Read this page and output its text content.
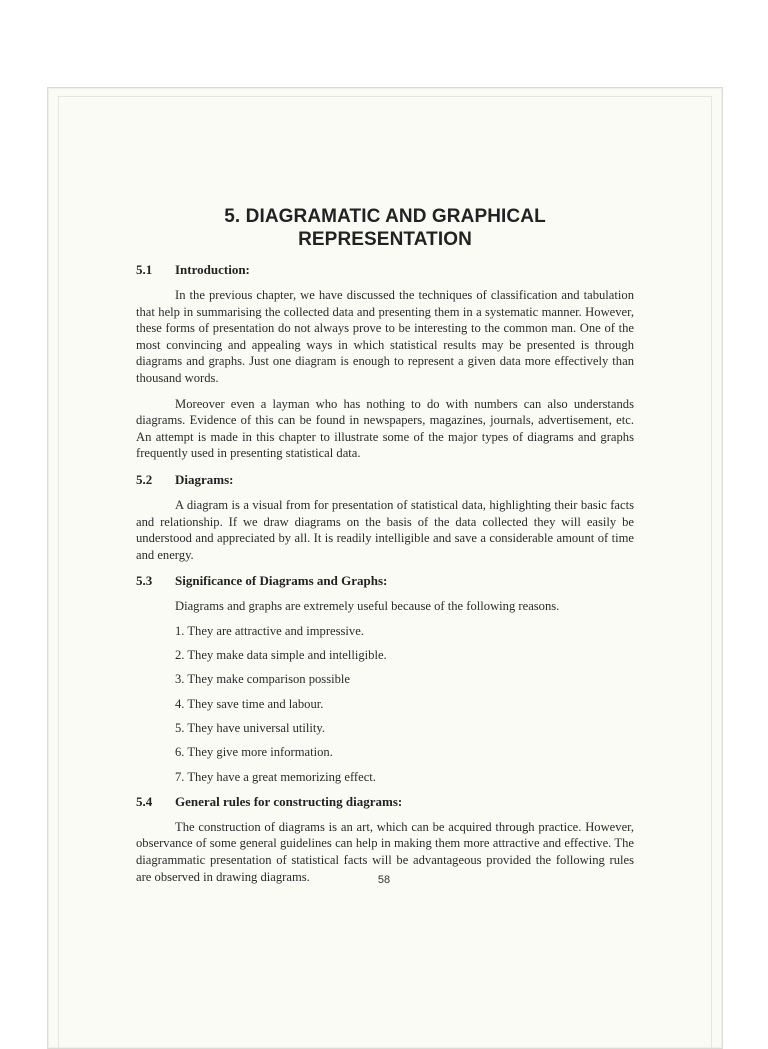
5. DIAGRAMATIC AND GRAPHICAL
REPRESENTATION
5.1	Introduction:

In the previous chapter, we have discussed the techniques of classification and tabulation that help in summarising the collected data and presenting them in a systematic manner. However, these forms of presentation do not always prove to be interesting to the common man. One of the most convincing and appealing ways in which statistical results may be presented is through diagrams and graphs. Just one diagram is enough to represent a given data more effectively than thousand words.

Moreover even a layman who has nothing to do with numbers can also understands diagrams. Evidence of this can be found in newspapers, magazines, journals, advertisement, etc. An attempt is made in this chapter to illustrate some of the major types of diagrams and graphs frequently used in presenting statistical data.

5.2	Diagrams:

A diagram is a visual from for presentation of statistical data, highlighting their basic facts and relationship. If we draw diagrams on the basis of the data collected they will easily be understood and appreciated by all. It is readily intelligible and save a considerable amount of time and energy.

5.3	Significance of Diagrams and Graphs:

Diagrams and graphs are extremely useful because of the following reasons.

1. They are attractive and impressive.
2. They make data simple and intelligible.
3. They make comparison possible
4. They save time and labour.
5. They have universal utility.
6. They give more information.
7. They have a great memorizing effect.
5.4	General rules for constructing diagrams:

The construction of diagrams is an art, which can be acquired through practice. However, observance of some general guidelines can help in making them more attractive and effective. The diagrammatic presentation of statistical facts will be advantageous provided the following rules are observed in drawing diagrams.	58
